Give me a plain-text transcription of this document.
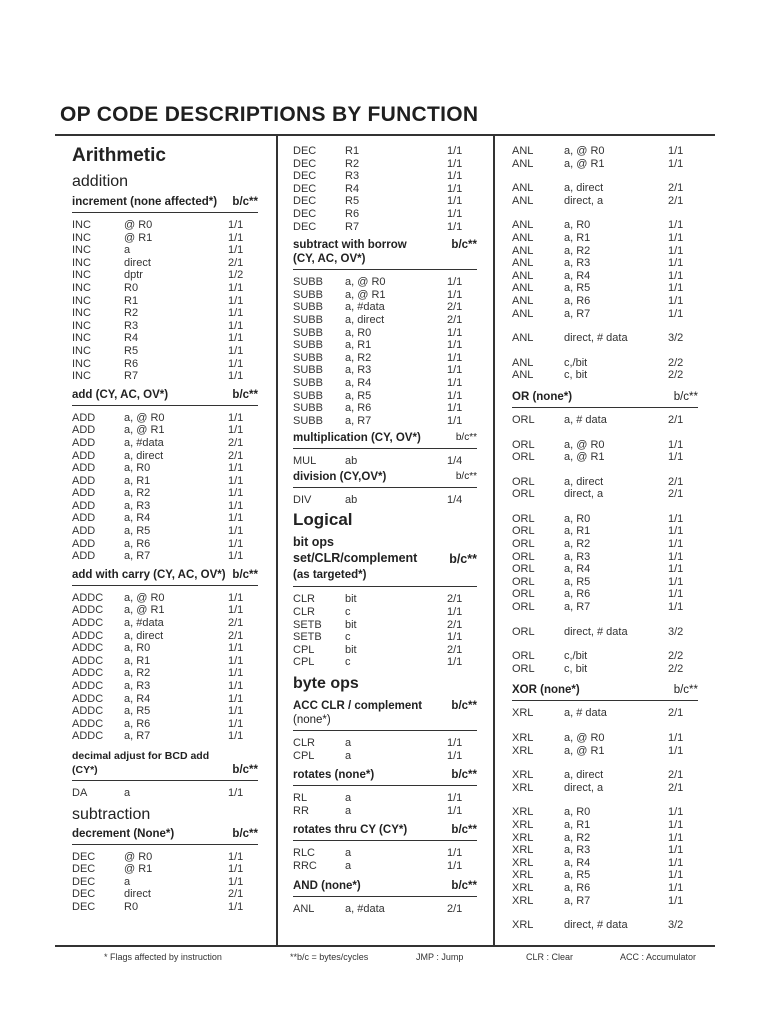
OP CODE DESCRIPTIONS BY FUNCTION
Arithmetic
addition
increment (none affected*) b/c**
INC	@ R0	1/1
INC	@ R1	1/1
INC	a	1/1
INC	direct	2/1
INC	dptr	1/2
INC	R0	1/1
INC	R1	1/1
INC	R2	1/1
INC	R3	1/1
INC	R4	1/1
INC	R5	1/1
INC	R6	1/1
INC	R7	1/1
add (CY, AC, OV*)	b/c**
ADD	a, @ R0	1/1
ADD	a, @ R1	1/1
ADD	a, #data	2/1
ADD	a, direct	2/1
ADD	a, R0	1/1
ADD	a, R1	1/1
ADD	a, R2	1/1
ADD	a, R3	1/1
ADD	a, R4	1/1
ADD	a, R5	1/1
ADD	a, R6	1/1
ADD	a, R7	1/1
add with carry (CY, AC, OV*) b/c**
ADDC	a, @ R0	1/1
ADDC	a, @ R1	1/1
ADDC	a, #data	2/1
ADDC	a, direct	2/1
ADDC	a, R0	1/1
ADDC	a, R1	1/1
ADDC	a, R2	1/1
ADDC	a, R3	1/1
ADDC	a, R4	1/1
ADDC	a, R5	1/1
ADDC	a, R6	1/1
ADDC	a, R7	1/1
decimal adjust for BCD add (CY*)	b/c**
DA	a	1/1
subtraction
decrement (None*)	b/c**
DEC	@ R0	1/1
DEC	@ R1	1/1
DEC	a	1/1
DEC	direct	2/1
DEC	R0	1/1
DEC	R1	1/1
DEC	R2	1/1
DEC	R3	1/1
DEC	R4	1/1
DEC	R5	1/1
DEC	R6	1/1
DEC	R7	1/1
subtract with borrow
(CY, AC, OV*)
b/c**
SUBB	a, @ R0	1/1
SUBB	a, @ R1	1/1
SUBB	a, #data	2/1
SUBB	a, direct	2/1
SUBB	a, R0	1/1
SUBB	a, R1	1/1
SUBB	a, R2	1/1
SUBB	a, R3	1/1
SUBB	a, R4	1/1
SUBB	a, R5	1/1
SUBB	a, R6	1/1
SUBB	a, R7	1/1
multiplication (CY, OV*)	b/c**
MUL	ab	1/4
division (CY,OV*)	b/c**
DIV	ab	1/4
Logical
bit ops
set/CLR/complement
(as targeted*)
b/c**
CLR	bit	2/1
CLR	c	1/1
SETB	bit	2/1
SETB	c	1/1
CPL	bit	2/1
CPL	c	1/1
byte ops
ACC CLR / complement
(none*)
b/c**
CLR	a	1/1
CPL	a	1/1
rotates (none*)	b/c**
RL	a	1/1
RR	a	1/1
rotates thru CY (CY*)	b/c**
RLC	a	1/1
RRC	a	1/1
AND (none*)	b/c**
ANL	a, #data	2/1
ANL	a, @ R0	1/1
ANL	a, @ R1	1/1
ANL	a, direct	2/1
ANL	direct, a	2/1
ANL	a, R0	1/1
ANL	a, R1	1/1
ANL	a, R2	1/1
ANL	a, R3	1/1
ANL	a, R4	1/1
ANL	a, R5	1/1
ANL	a, R6	1/1
ANL	a, R7	1/1
ANL	direct, # data	3/2
ANL	c,/bit	2/2
ANL	c, bit	2/2
OR (none*)	b/c**
ORL	a, # data	2/1
ORL	a, @ R0	1/1
ORL	a, @ R1	1/1
ORL	a, direct	2/1
ORL	direct, a	2/1
ORL	a, R0	1/1
ORL	a, R1	1/1
ORL	a, R2	1/1
ORL	a, R3	1/1
ORL	a, R4	1/1
ORL	a, R5	1/1
ORL	a, R6	1/1
ORL	a, R7	1/1
ORL	direct, # data	3/2
ORL	c,/bit	2/2
ORL	c, bit	2/2
XOR (none*)	b/c**
XRL	a, # data	2/1
XRL	a, @ R0	1/1
XRL	a, @ R1	1/1
XRL	a, direct	2/1
XRL	direct, a	2/1
XRL	a, R0	1/1
XRL	a, R1	1/1
XRL	a, R2	1/1
XRL	a, R3	1/1
XRL	a, R4	1/1
XRL	a, R5	1/1
XRL	a, R6	1/1
XRL	a, R7	1/1
XRL	direct, # data	3/2
* Flags affected by instruction	**b/c = bytes/cycles	JMP : Jump	CLR : Clear	ACC : Accumulator
